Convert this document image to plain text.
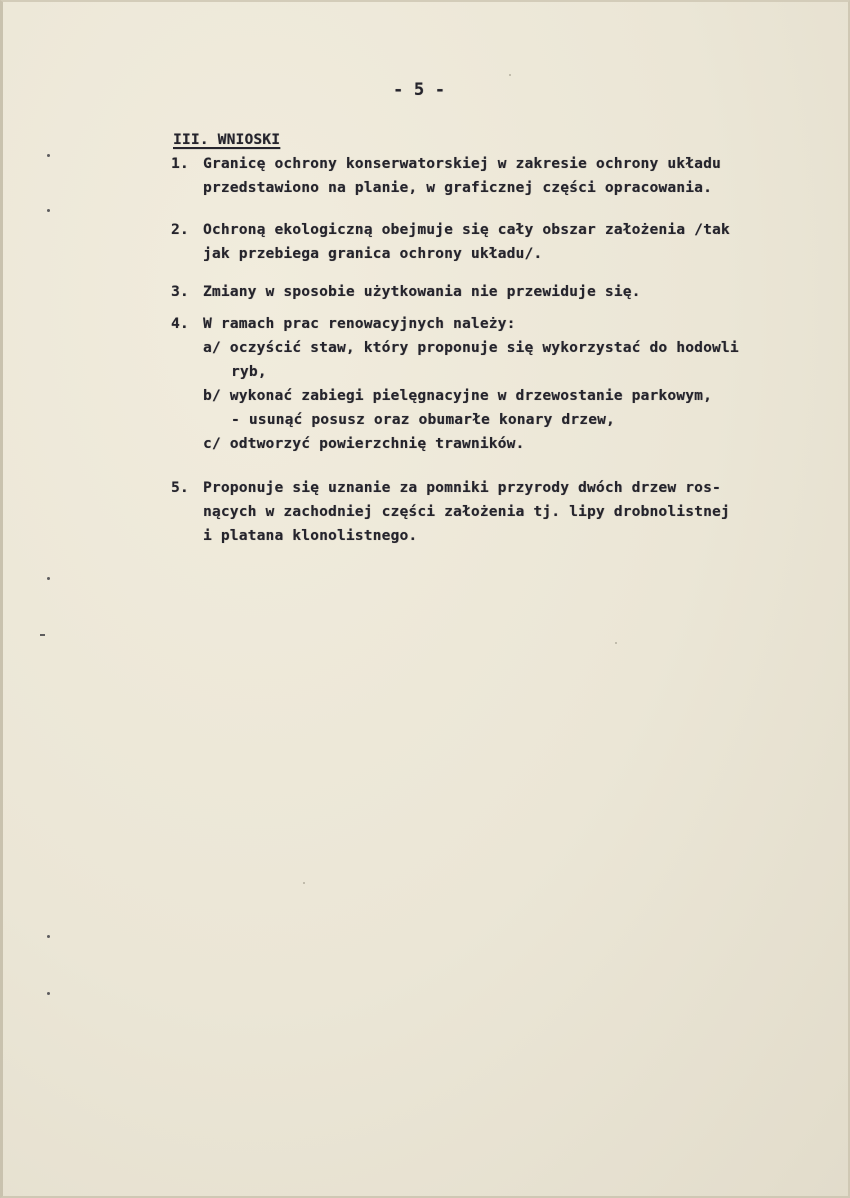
- 5 -
III. WNIOSKI
1. Granicę ochrony konserwatorskiej w zakresie ochrony układu
przedstawiono na planie, w graficznej części opracowania.
2. Ochroną ekologiczną obejmuje się cały obszar założenia /tak
jak przebiega granica ochrony układu/.
3. Zmiany w sposobie użytkowania nie przewiduje się.
4. W ramach prac renowacyjnych należy:
a/ oczyścić staw, który proponuje się wykorzystać do hodowli
ryb,
b/ wykonać zabiegi pielęgnacyjne w drzewostanie parkowym,
- usunąć posusz oraz obumarłe konary drzew,
c/ odtworzyć powierzchnię trawników.
5. Proponuje się uznanie za pomniki przyrody dwóch drzew ros-
nących w zachodniej części założenia tj. lipy drobnolistnej
i platana klonolistnego.
